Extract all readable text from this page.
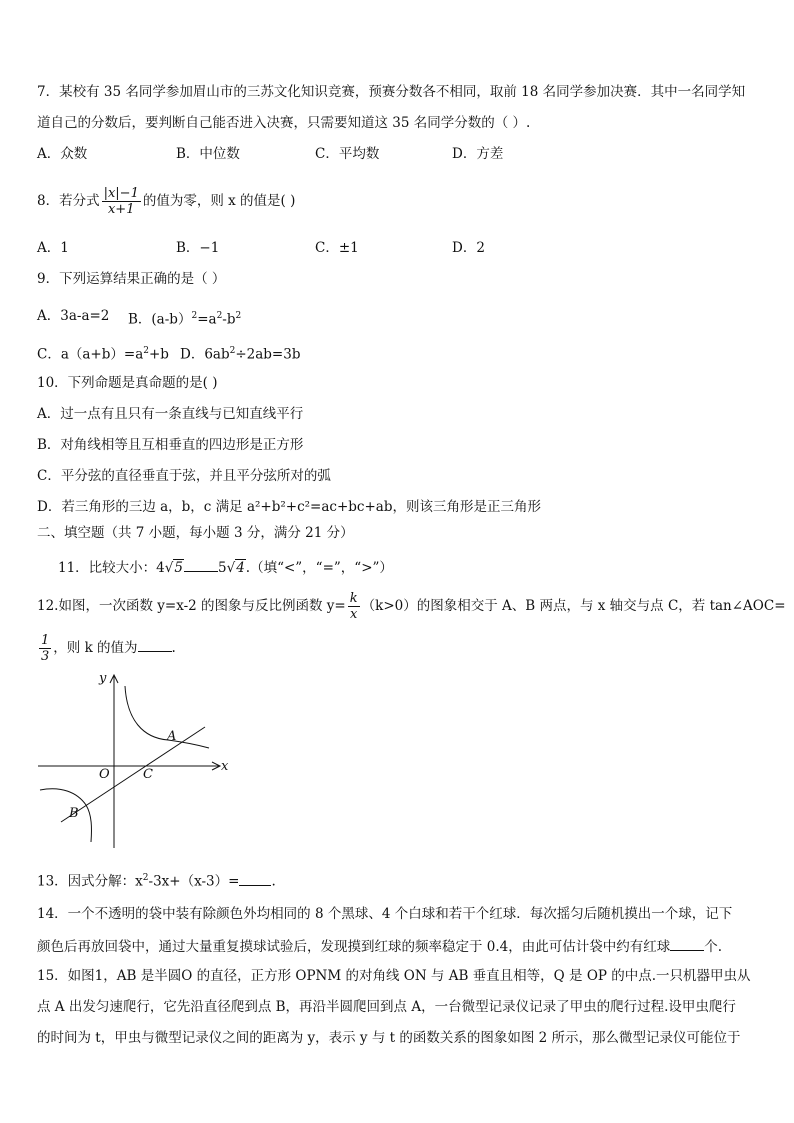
7．某校有 35 名同学参加眉山市的三苏文化知识竞赛，预赛分数各不相同，取前 18 名同学参加决赛．其中一名同学知
道自己的分数后，要判断自己能否进入决赛，只需要知道这 35 名同学分数的（ ）.
A．众数	B．中位数	C．平均数	D．方差
8．若分式 $\frac{|x|-1}{x+1}$ 的值为零，则 x 的值是( )
A．1	B．−1	C．±1	D．2
9．下列运算结果正确的是（ ）
A．3a-a=2 B．$(a-b)^2=a^2-b^2$
C．$a(a+b)=a^2+b$ D．$6ab^2\div 2ab=3b$
10．下列命题是真命题的是( )
A．过一点有且只有一条直线与已知直线平行
B．对角线相等且互相垂直的四边形是正方形
C．平分弦的直径垂直于弦，并且平分弦所对的弧
D．若三角形的三边 a，b，c 满足 a²+b²+c²=ac+bc+ab，则该三角形是正三角形
二、填空题（共 7 小题，每小题 3 分，满分 21 分）
11．比较大小：4√5	5√4.（填“<”，“=”，“>”）
12.如图，一次函数 y=x-2 的图象与反比例函数 $y= \frac{k}{x} (k>0)$的图象相交于 A、B 两点，与 x 轴交与点 C，若 tan∠AOC=
$\frac{1}{3}$ ，则 k 的值为	.
y
x
O	C
A
B
13．因式分解：$x^2-3x+(x-3)=$ .
14．一个不透明的袋中装有除颜色外均相同的 8 个黑球、4 个白球和若干个红球．每次摇匀后随机摸出一个球，记下
颜色后再放回袋中，通过大量重复摸球试验后，发现摸到红球的频率稳定于 0.4，由此可估计袋中约有红球	个.
15．如图1，AB 是半圆O 的直径，正方形 OPNM 的对角线 ON 与 AB 垂直且相等，Q 是 OP 的中点.一只机器甲虫从
点 A 出发匀速爬行，它先沿直径爬到点 B，再沿半圆爬回到点 A，一台微型记录仪记录了甲虫的爬行过程.设甲虫爬行
的时间为 t，甲虫与微型记录仪之间的距离为 y，表示 y 与 t 的函数关系的图象如图 2 所示，那么微型记录仪可能位于
